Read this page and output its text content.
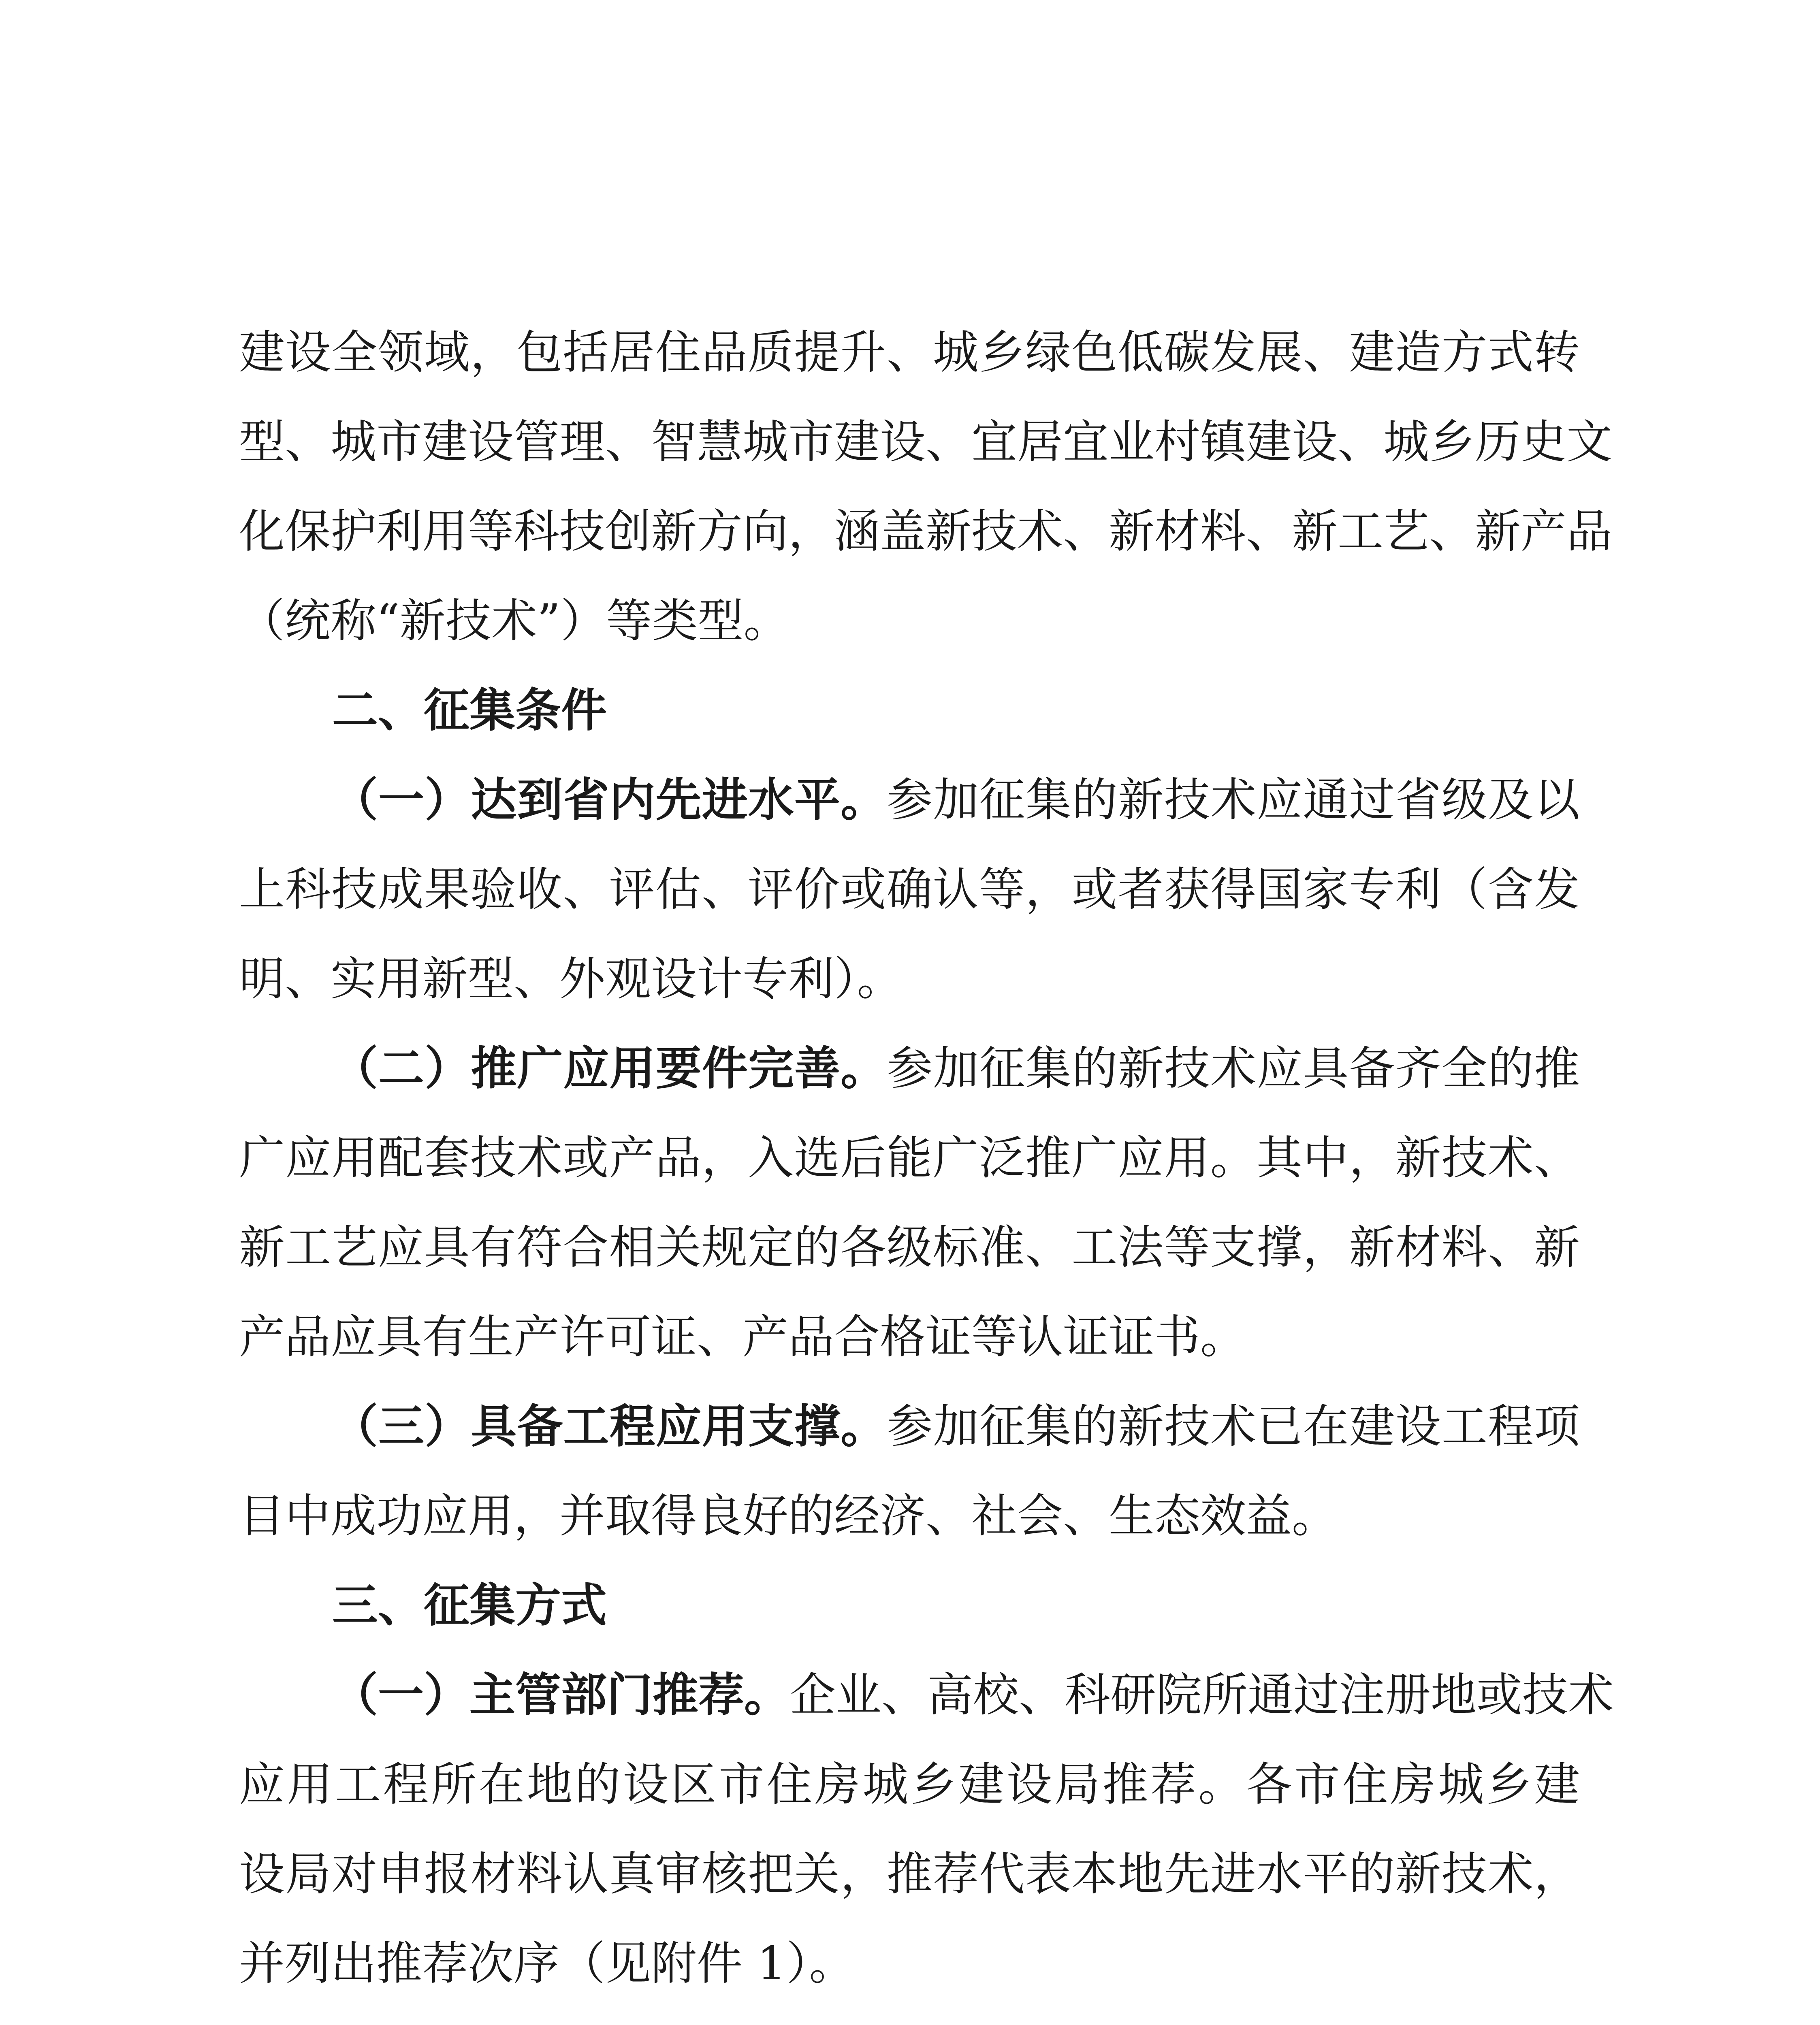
建设全领域，包括居住品质提升、城乡绿色低碳发展、建造方式转
型、城市建设管理、智慧城市建设、宜居宜业村镇建设、城乡历史文
化保护利用等科技创新方向，涵盖新技术、新材料、新工艺、新产品
（统称“新技术”）等类型。
二、征集条件
（一）达到省内先进水平。参加征集的新技术应通过省级及以
上科技成果验收、评估、评价或确认等，或者获得国家专利（含发
明、实用新型、外观设计专利）。
（二）推广应用要件完善。参加征集的新技术应具备齐全的推
广应用配套技术或产品，入选后能广泛推广应用。其中，新技术、
新工艺应具有符合相关规定的各级标准、工法等支撑，新材料、新
产品应具有生产许可证、产品合格证等认证证书。
（三）具备工程应用支撑。参加征集的新技术已在建设工程项
目中成功应用，并取得良好的经济、社会、生态效益。
三、征集方式
（一）主管部门推荐。企业、高校、科研院所通过注册地或技术
应用工程所在地的设区市住房城乡建设局推荐。各市住房城乡建
设局对申报材料认真审核把关，推荐代表本地先进水平的新技术，
并列出推荐次序（见附件 1）。
